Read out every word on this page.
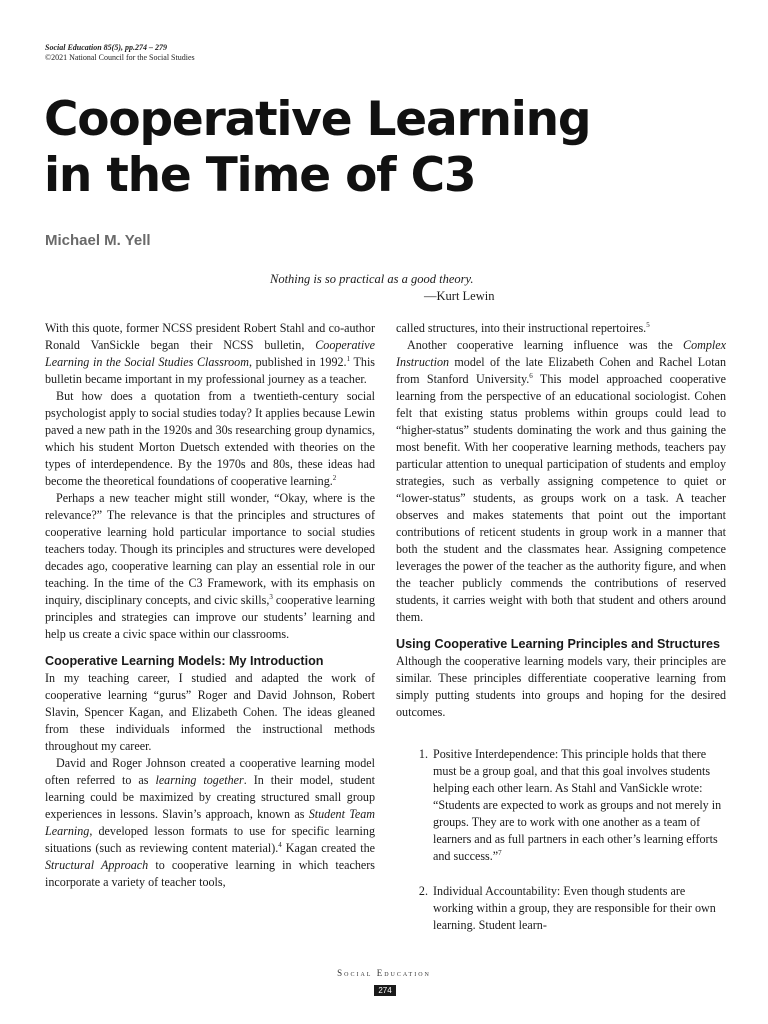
Social Education 85(5), pp.274 – 279
©2021 National Council for the Social Studies
Cooperative Learning
in the Time of C3
Michael M. Yell
Nothing is so practical as a good theory.
—Kurt Lewin

With this quote, former NCSS president Robert Stahl and co-author Ronald VanSickle began their NCSS bulletin, Cooperative Learning in the Social Studies Classroom, published in 1992.$^1$ This bulletin became important in my professional journey as a teacher.

But how does a quotation from a twentieth-century social psychologist apply to social studies today? It applies because Lewin paved a new path in the 1920s and 30s researching group dynamics, which his student Morton Duetsch extended with theories on the types of interdependence. By the 1970s and 80s, these ideas had become the theoretical foundations of cooperative learning.$^2$

Perhaps a new teacher might still wonder, “Okay, where is the relevance?” The relevance is that the principles and structures of cooperative learning hold particular importance to social studies teachers today. Though its principles and structures were developed decades ago, cooperative learning can play an essential role in our teaching. In the time of the C3 Framework, with its emphasis on inquiry, disciplinary concepts, and civic skills,$^3$ cooperative learning principles and strategies can improve our students’ learning and help us create a civic space within our classrooms.

Cooperative Learning Models: My Introduction

In my teaching career, I studied and adapted the work of cooperative learning “gurus” Roger and David Johnson, Robert Slavin, Spencer Kagan, and Elizabeth Cohen. The ideas gleaned from these individuals informed the instructional methods throughout my career.

David and Roger Johnson created a cooperative learning model often referred to as learning together. In their model, student learning could be maximized by creating structured small group experiences in lessons. Slavin’s approach, known as Student Team Learning, developed lesson formats to use for specific learning situations (such as reviewing content material).$^4$ Kagan created the Structural Approach to cooperative learning in which teachers incorporate a variety of teacher tools,

called structures, into their instructional repertoires.$^5$

Another cooperative learning influence was the Complex Instruction model of the late Elizabeth Cohen and Rachel Lotan from Stanford University.$^6$ This model approached cooperative learning from the perspective of an educational sociologist. Cohen felt that existing status problems within groups could lead to “higher-status” students dominating the work and thus gaining the most benefit. With her cooperative learning methods, teachers pay particular attention to unequal participation of students and employ strategies, such as verbally assigning competence to quiet or “lower-status” students, as groups work on a task. A teacher observes and makes statements that point out the important contributions of reticent students in group work in a manner that both the student and the classmates hear. Assigning competence leverages the power of the teacher as the authority figure, and when the teacher publicly commends the contributions of reserved students, it carries weight with both that student and others around them.

Using Cooperative Learning Principles and Structures

Although the cooperative learning models vary, their principles are similar. These principles differentiate cooperative learning from simply putting students into groups and hoping for the desired outcomes.

1. Positive Interdependence: This principle holds that there must be a group goal, and that this goal involves students helping each other learn. As Stahl and VanSickle wrote: “Students are expected to work as groups and not merely in groups. They are to work with one another as a team of learners and as full partners in each other’s learning efforts and success.”$^7$
2. Individual Accountability: Even though students are working within a group, they are responsible for their own learning. Student learn-
Social Education
274
